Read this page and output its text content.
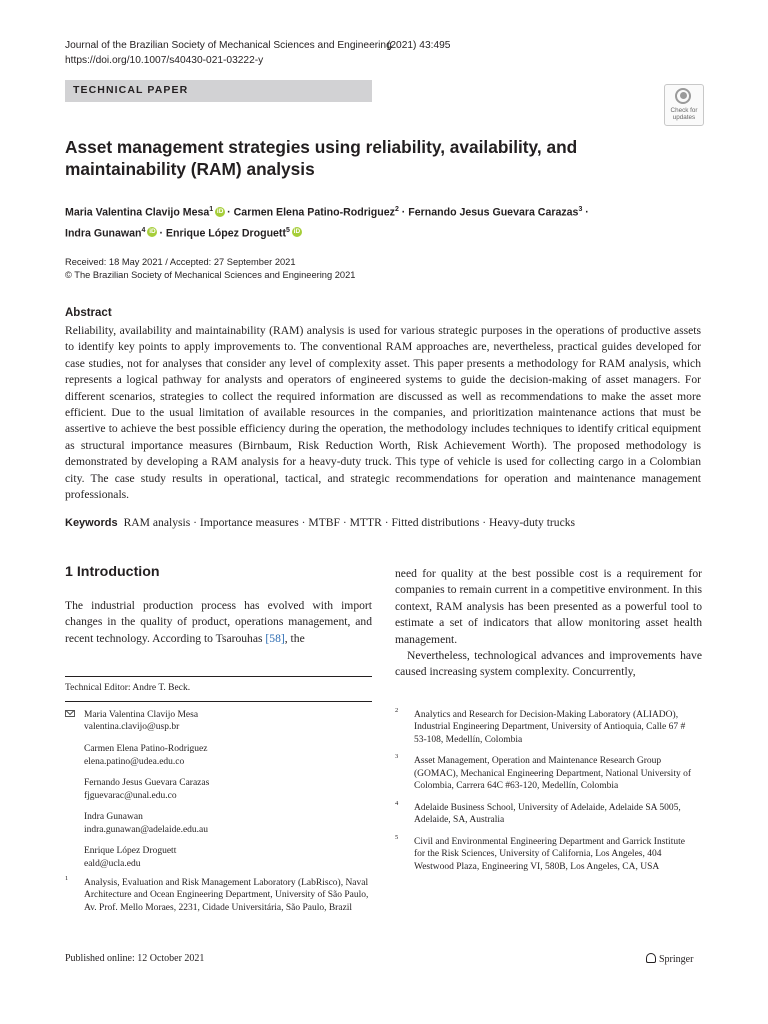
Journal of the Brazilian Society of Mechanical Sciences and Engineering
(2021) 43:495
https://doi.org/10.1007/s40430-021-03222-y
TECHNICAL PAPER
Check for updates
Asset management strategies using reliability, availability, and maintainability (RAM) analysis
Maria Valentina Clavijo Mesa$^1$ iD · Carmen Elena Patino-Rodriguez$^2$ · Fernando Jesus Guevara Carazas$^3$ ·
Indra Gunawan$^4$ iD · Enrique López Droguett$^5$ iD
Received: 18 May 2021 / Accepted: 27 September 2021
© The Brazilian Society of Mechanical Sciences and Engineering 2021
Abstract
Reliability, availability and maintainability (RAM) analysis is used for various strategic purposes in the operations of productive assets to identify key points to apply improvements to. The conventional RAM approaches are, nevertheless, practical guides developed for case studies, not for analyses that consider any level of complexity asset. This paper presents a methodology for RAM analysis, which represents a logical pathway for analysts and operators of engineered systems to guide the decision-making of asset managers. For different scenarios, strategies to collect the required information are discussed as well as recommendations to make the asset more efficient. Due to the usual limitation of available resources in the companies, and prioritization maintenance actions that must be assertive to achieve the best possible efficiency during the operation, the methodology includes techniques to identify critical equipment as structural importance measures (Birnbaum, Risk Reduction Worth, Risk Achievement Worth). The proposed methodology is demonstrated by developing a RAM analysis for a heavy-duty truck. This type of vehicle is used for collecting cargo in a Colombian city. The case study results in operational, tactical, and strategic recommendations for operation and maintenance management professionals.
Keywords RAM analysis · Importance measures · MTBF · MTTR · Fitted distributions · Heavy-duty trucks
1 Introduction
The industrial production process has evolved with import changes in the quality of product, operations management, and recent technology. According to Tsarouhas [58], the

need for quality at the best possible cost is a requirement for companies to remain current in a competitive environment. In this context, RAM analysis has been presented as a powerful tool to estimate a set of indicators that allow monitoring asset health management.

Nevertheless, technological advances and improvements have caused increasing system complexity. Concurrently,

Technical Editor: Andre T. Beck.
Maria Valentina Clavijo Mesa
valentina.clavijo@usp.br
Carmen Elena Patino-Rodriguez
elena.patino@udea.edu.co
Fernando Jesus Guevara Carazas
fjguevarac@unal.edu.co
Indra Gunawan
indra.gunawan@adelaide.edu.au
Enrique López Droguett
eald@ucla.edu
1 Analysis, Evaluation and Risk Management Laboratory (LabRisco), Naval Architecture and Ocean Engineering Department, University of São Paulo, Av. Prof. Mello Moraes, 2231, Cidade Universitária, São Paulo, Brazil
2 Analytics and Research for Decision-Making Laboratory (ALIADO), Industrial Engineering Department, University of Antioquia, Calle 67 # 53-108, Medellín, Colombia
3 Asset Management, Operation and Maintenance Research Group (GOMAC), Mechanical Engineering Department, National University of Colombia, Carrera 64C #63-120, Medellín, Colombia
4 Adelaide Business School, University of Adelaide, Adelaide SA 5005, Adelaide, SA, Australia
5 Civil and Environmental Engineering Department and Garrick Institute for the Risk Sciences, University of California, Los Angeles, 404 Westwood Plaza, Engineering VI, 580B, Los Angeles, CA, USA
Published online: 12 October 2021	Springer
